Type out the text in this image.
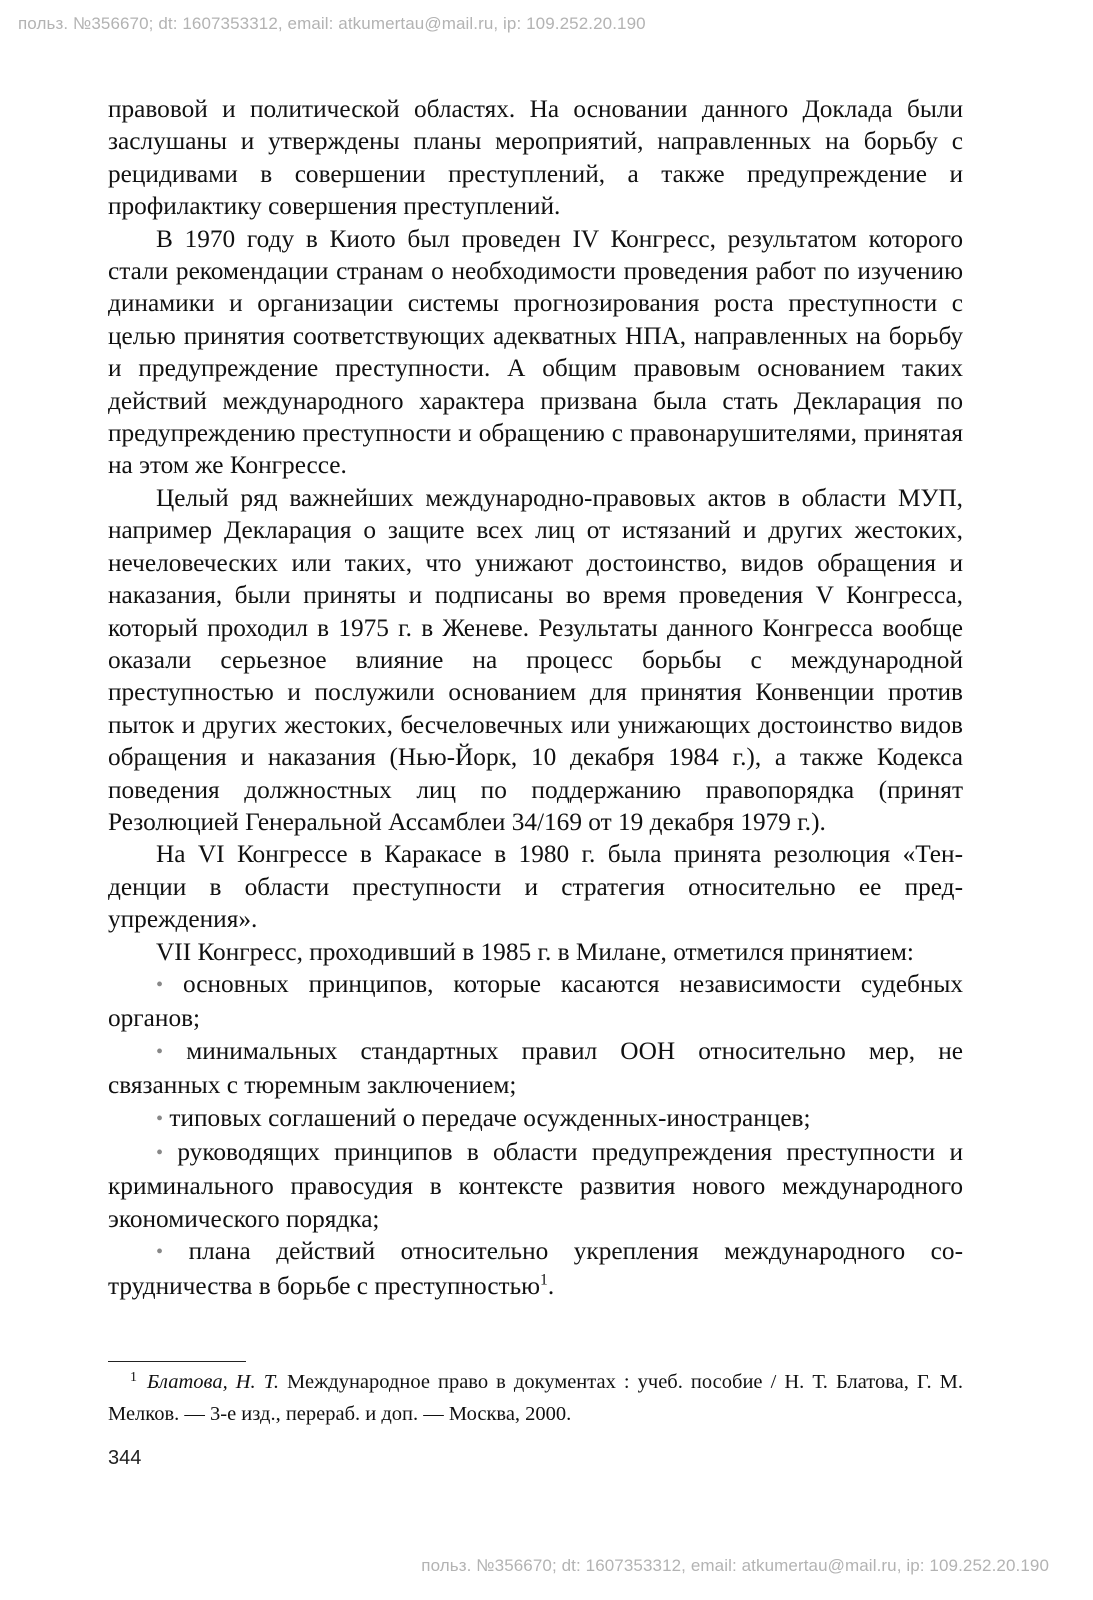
польз. №356670; dt: 1607353312, email: atkumertau@mail.ru, ip: 109.252.20.190

правовой и политической областях. На основании данного Доклада были заслушаны и утверждены планы мероприятий, направленных на борьбу с рецидивами в совершении преступлений, а также предупреждение и профилактику совершения преступлений.

В 1970 году в Киото был проведен IV Конгресс, результатом которого стали рекомендации странам о необходимости проведения работ по изучению динамики и организации системы прогнозирования роста преступности с целью принятия соответствующих адекватных НПА, направленных на борьбу и предупреждение преступности. А общим правовым основанием таких действий международного характера призвана была стать Декларация по предупреждению преступности и обращению с правонарушителями, принятая на этом же Конгрессе.

Целый ряд важнейших международно-правовых актов в области МУП, например Декларация о защите всех лиц от истязаний и других жестоких, нечеловеческих или таких, что унижают достоинство, видов обращения и наказания, были приняты и подписаны во время проведения V Конгресса, который проходил в 1975 г. в Женеве. Результаты данного Конгресса вообще оказали серьезное влияние на процесс борьбы с международной преступностью и послужили основанием для принятия Конвенции против пыток и других жестоких, бесчеловечных или унижающих достоинство видов обращения и наказания (Нью-Йорк, 10 декабря 1984 г.), а также Кодекса поведения должностных лиц по поддержанию правопорядка (принят Резолюцией Генеральной Ассамблеи 34/169 от 19 декабря 1979 г.).

На VI Конгрессе в Каракасе в 1980 г. была принята резолюция «Тенденции в области преступности и стратегия относительно ее предупреждения».

VII Конгресс, проходивший в 1985 г. в Милане, отметился принятием:

• основных принципов, которые касаются независимости судебных органов;

• минимальных стандартных правил ООН относительно мер, не связанных с тюремным заключением;

• типовых соглашений о передаче осужденных-иностранцев;

• руководящих принципов в области предупреждения преступности и криминального правосудия в контексте развития нового международного экономического порядка;

• плана действий относительно укрепления международного сотрудничества в борьбе с преступностью$^1$.

1 Блатова, Н. Т. Международное право в документах : учеб. пособие / Н. Т. Блатова, Г. М. Мелков. — 3-е изд., перераб. и доп. — Москва, 2000.

344
польз. №356670; dt: 1607353312, email: atkumertau@mail.ru, ip: 109.252.20.190
